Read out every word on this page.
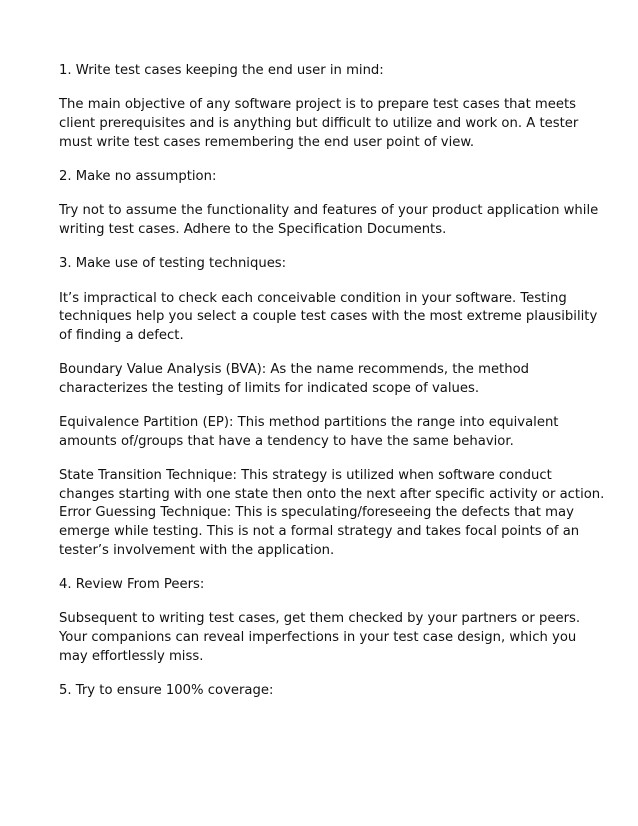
1. Write test cases keeping the end user in mind:
The main objective of any software project is to prepare test cases that meets
client prerequisites and is anything but difficult to utilize and work on. A tester
must write test cases remembering the end user point of view.
2. Make no assumption:
Try not to assume the functionality and features of your product application while
writing test cases. Adhere to the Specification Documents.
3. Make use of testing techniques:
It’s impractical to check each conceivable condition in your software. Testing
techniques help you select a couple test cases with the most extreme plausibility
of finding a defect.
Boundary Value Analysis (BVA): As the name recommends, the method
characterizes the testing of limits for indicated scope of values.
Equivalence Partition (EP): This method partitions the range into equivalent
amounts of/groups that have a tendency to have the same behavior.
State Transition Technique: This strategy is utilized when software conduct
changes starting with one state then onto the next after specific activity or action.
Error Guessing Technique: This is speculating/foreseeing the defects that may
emerge while testing. This is not a formal strategy and takes focal points of an
tester’s involvement with the application.
4. Review From Peers:
Subsequent to writing test cases, get them checked by your partners or peers.
Your companions can reveal imperfections in your test case design, which you
may effortlessly miss.
5. Try to ensure 100% coverage:
